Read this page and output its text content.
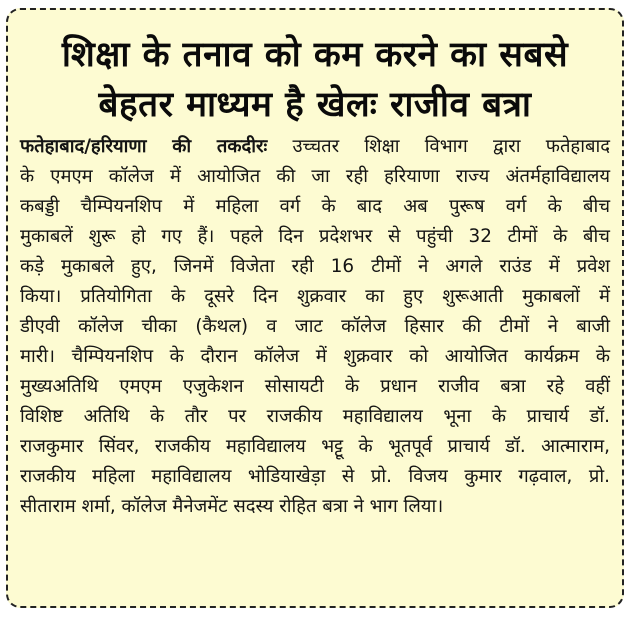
शिक्षा के तनाव को कम करने का सबसे
बेहतर माध्यम है खेलः राजीव बत्रा
फतेहाबाद/हरियाणा की तकदीरः उच्चतर शिक्षा विभाग द्वारा फतेहाबाद
के एमएम कॉलेज में आयोजित की जा रही हरियाणा राज्य अंतर्महाविद्यालय
कबड्डी चैम्पियनशिप में महिला वर्ग के बाद अब पुरूष वर्ग के बीच
मुकाबलें शुरू हो गए हैं। पहले दिन प्रदेशभर से पहुंची 32 टीमों के बीच
कड़े मुकाबले हुए, जिनमें विजेता रही 16 टीमों ने अगले राउंड में प्रवेश
किया। प्रतियोगिता के दूसरे दिन शुक्रवार का हुए शुरूआती मुकाबलों में
डीएवी कॉलेज चीका (कैथल) व जाट कॉलेज हिसार की टीमों ने बाजी
मारी। चैम्पियनशिप के दौरान कॉलेज में शुक्रवार को आयोजित कार्यक्रम के
मुख्यअतिथि एमएम एजुकेशन सोसायटी के प्रधान राजीव बत्रा रहे वहीं
विशिष्ट अतिथि के तौर पर राजकीय महाविद्यालय भूना के प्राचार्य डॉ.
राजकुमार सिंवर, राजकीय महाविद्यालय भट्टू के भूतपूर्व प्राचार्य डॉ. आत्माराम,
राजकीय महिला महाविद्यालय भोडियाखेड़ा से प्रो. विजय कुमार गढ़वाल, प्रो.
सीताराम शर्मा, कॉलेज मैनेजमेंट सदस्य रोहित बत्रा ने भाग लिया।
